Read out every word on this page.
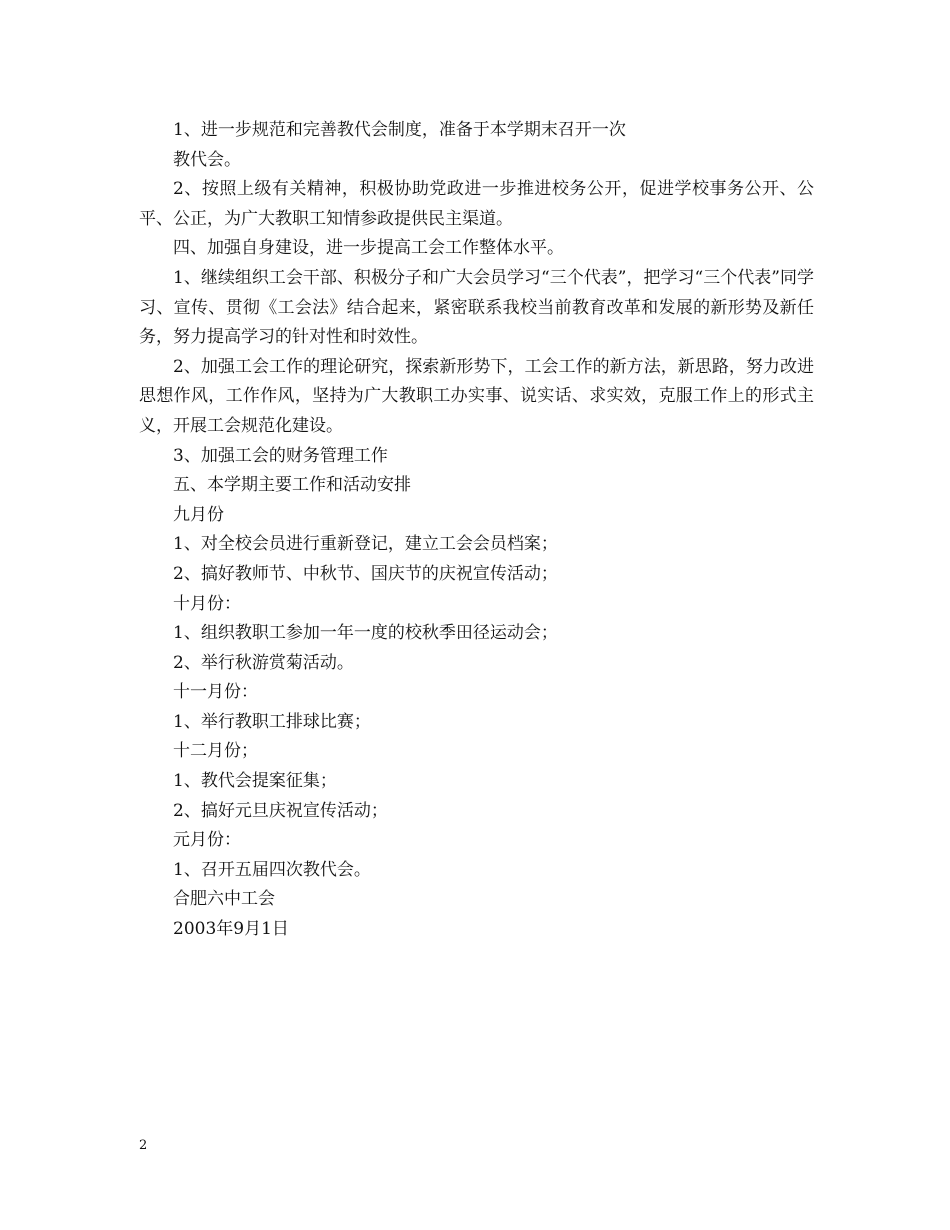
1、进一步规范和完善教代会制度，准备于本学期末召开一次

教代会。

2、按照上级有关精神，积极协助党政进一步推进校务公开，促进学校事务公开、公平、公正，为广大教职工知情参政提供民主渠道。

四、加强自身建设，进一步提高工会工作整体水平。

1、继续组织工会干部、积极分子和广大会员学习“三个代表”，把学习“三个代表”同学习、宣传、贯彻《工会法》结合起来，紧密联系我校当前教育改革和发展的新形势及新任务，努力提高学习的针对性和时效性。

2、加强工会工作的理论研究，探索新形势下，工会工作的新方法，新思路，努力改进思想作风，工作作风，坚持为广大教职工办实事、说实话、求实效，克服工作上的形式主义，开展工会规范化建设。

3、加强工会的财务管理工作

五、本学期主要工作和活动安排

九月份

1、对全校会员进行重新登记，建立工会会员档案；

2、搞好教师节、中秋节、国庆节的庆祝宣传活动；

十月份：

1、组织教职工参加一年一度的校秋季田径运动会；

2、举行秋游赏菊活动。

十一月份：

1、举行教职工排球比赛；

十二月份；

1、教代会提案征集；

2、搞好元旦庆祝宣传活动；

元月份：

1、召开五届四次教代会。

合肥六中工会

2003年9月1日

2
